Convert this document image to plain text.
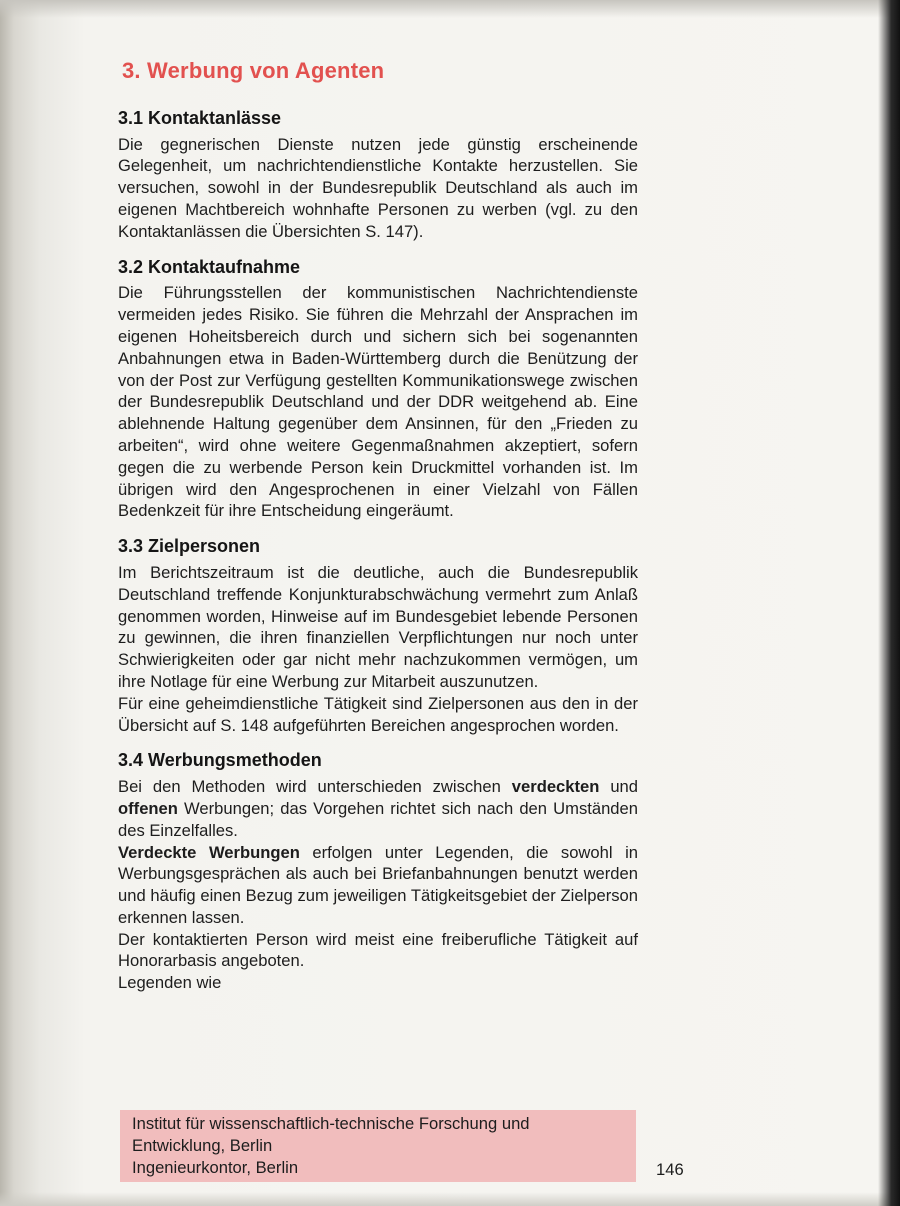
3. Werbung von Agenten
3.1 Kontaktanlässe

Die gegnerischen Dienste nutzen jede günstig erscheinende Gelegenheit, um nachrichtendienstliche Kontakte herzustellen. Sie versuchen, sowohl in der Bundesrepublik Deutschland als auch im eigenen Machtbereich wohnhafte Personen zu werben (vgl. zu den Kontaktanlässen die Übersichten S. 147).

3.2 Kontaktaufnahme

Die Führungsstellen der kommunistischen Nachrichtendienste vermeiden jedes Risiko. Sie führen die Mehrzahl der Ansprachen im eigenen Hoheitsbereich durch und sichern sich bei sogenannten Anbahnungen etwa in Baden-Württemberg durch die Benützung der von der Post zur Verfügung gestellten Kommunikationswege zwischen der Bundesrepublik Deutschland und der DDR weitgehend ab. Eine ablehnende Haltung gegenüber dem Ansinnen, für den „Frieden zu arbeiten“, wird ohne weitere Gegenmaßnahmen akzeptiert, sofern gegen die zu werbende Person kein Druckmittel vorhanden ist. Im übrigen wird den Angesprochenen in einer Vielzahl von Fällen Bedenkzeit für ihre Entscheidung eingeräumt.

3.3 Zielpersonen

Im Berichtszeitraum ist die deutliche, auch die Bundesrepublik Deutschland treffende Konjunkturabschwächung vermehrt zum Anlaß genommen worden, Hinweise auf im Bundesgebiet lebende Personen zu gewinnen, die ihren finanziellen Verpflichtungen nur noch unter Schwierigkeiten oder gar nicht mehr nachzukommen vermögen, um ihre Notlage für eine Werbung zur Mitarbeit auszunutzen.

Für eine geheimdienstliche Tätigkeit sind Zielpersonen aus den in der Übersicht auf S. 148 aufgeführten Bereichen angesprochen worden.

3.4 Werbungsmethoden

Bei den Methoden wird unterschieden zwischen verdeckten und offenen Werbungen; das Vorgehen richtet sich nach den Umständen des Einzelfalles.

Verdeckte Werbungen erfolgen unter Legenden, die sowohl in Werbungsgesprächen als auch bei Briefanbahnungen benutzt werden und häufig einen Bezug zum jeweiligen Tätigkeitsgebiet der Zielperson erkennen lassen.

Der kontaktierten Person wird meist eine freiberufliche Tätigkeit auf Honorarbasis angeboten.

Legenden wie

Institut für wissenschaftlich-technische Forschung und
Entwicklung, Berlin
Ingenieurkontor, Berlin	146
